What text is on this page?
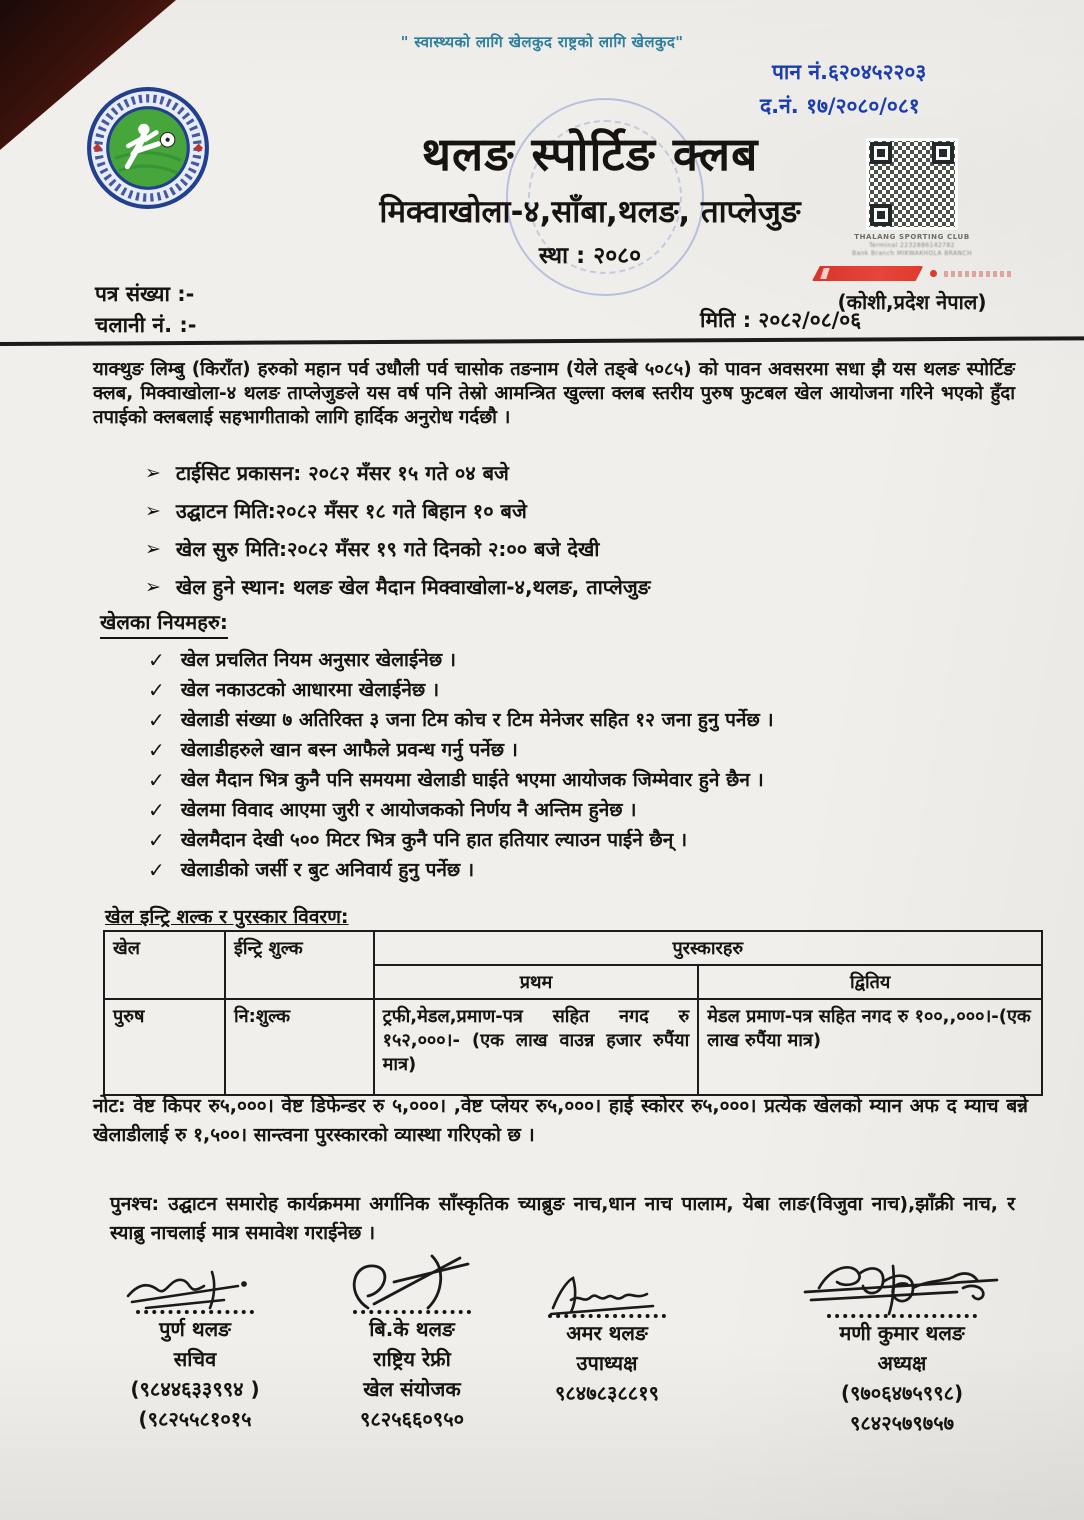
" स्वास्थ्यको लागि खेलकुद राष्ट्रको लागि खेलकुद"
पान नं.६२०४५२२०३
द.नं. १७/२०८०/०८१
थलङ स्पोर्टिङ क्लब
मिक्वाखोला-४,साँबा,थलङ, ताप्लेजुङ
स्था : २०८०
THALANG SPORTING CLUB
Terminal 2232886142782
Bank Branch MIKWAKHOLA BRANCH
(कोशी,प्रदेश नेपाल)
पत्र संख्या :-
चलानी नं. :-	मिति : २०८२/०८/०६
याक्थुङ लिम्बु (किराँत) हरुको महान पर्व उधौली पर्व चासोक तङनाम (येले तङ्बे ५०८५) को पावन अवसरमा सधा झै यस थलङ स्पोर्टिङ क्लब, मिक्वाखोला-४ थलङ ताप्लेजुङले यस वर्ष पनि तेस्रो आमन्त्रित खुल्ला क्लब स्तरीय पुरुष फुटबल खेल आयोजना गरिने भएको हुँदा तपाईको क्लबलाई सहभागीताको लागि हार्दिक अनुरोध गर्दछौ ।
➢ टाईसिट प्रकासन: २०८२ मँसर १५ गते ०४ बजे
➢ उद्घाटन मिति:२०८२ मँसर १८ गते बिहान १० बजे
➢ खेल सुरु मिति:२०८२ मँसर १९ गते दिनको २:०० बजे देखी
➢ खेल हुने स्थान: थलङ खेल मैदान मिक्वाखोला-४,थलङ, ताप्लेजुङ
खेलका नियमहरु:
✓ खेल प्रचलित नियम अनुसार खेलाईनेछ ।
✓ खेल नकाउटको आधारमा खेलाईनेछ ।
✓ खेलाडी संख्या ७ अतिरिक्त ३ जना टिम कोच र टिम मेनेजर सहित १२ जना हुनु पर्नेछ ।
✓ खेलाडीहरुले खान बस्न आफैले प्रवन्ध गर्नु पर्नेछ ।
✓ खेल मैदान भित्र कुनै पनि समयमा खेलाडी घाईते भएमा आयोजक जिम्मेवार हुने छैन ।
✓ खेलमा विवाद आएमा जुरी र आयोजकको निर्णय नै अन्तिम हुनेछ ।
✓ खेलमैदान देखी ५०० मिटर भित्र कुनै पनि हात हतियार ल्याउन पाईने छैन् ।
✓ खेलाडीको जर्सी र बुट अनिवार्य हुनु पर्नेछ ।
खेल इन्ट्रि शल्क र पुरस्कार विवरण:
खेल	ईन्ट्रि शुल्क	पुरस्कारहरु	
		प्रथम	द्वितिय
पुरुष	नि:शुल्क	ट्रफी,मेडल,प्रमाण-पत्र सहित नगद रु १५२,०००।- (एक लाख वाउन्न हजार रुपैंया मात्र)	मेडल प्रमाण-पत्र सहित नगद रु १००,,०००।-(एक लाख रुपैंया मात्र)
नोट: वेष्ट किपर रु५,०००। वेष्ट डिफेन्डर रु ५,०००। ,वेष्ट प्लेयर रु५,०००। हाई स्कोरर रु५,०००। प्रत्येक खेलको म्यान अफ द म्याच बन्ने खेलाडीलाई रु १,५००। सान्त्वना पुरस्कारको व्यास्था गरिएको छ ।
पुनश्च: उद्घाटन समारोह कार्यक्रममा अर्गानिक साँस्कृतिक च्याब्रुङ नाच,धान नाच पालाम, येबा लाङ(विजुवा नाच),झाँक्री नाच, र स्याब्रु नाचलाई मात्र समावेश गराईनेछ ।
पुर्ण थलङ
सचिव
(९८४४६३३९९४ )
(९८२५५८१०१५
बि.के थलङ
राष्ट्रिय रेफ्री
खेल संयोजक
९८२५६६०९५०
अमर थलङ
उपाध्यक्ष
९८४७८३८८१९
मणी कुमार थलङ
अध्यक्ष
(९७०६४७५९९८)
९८४२५७९७५७
